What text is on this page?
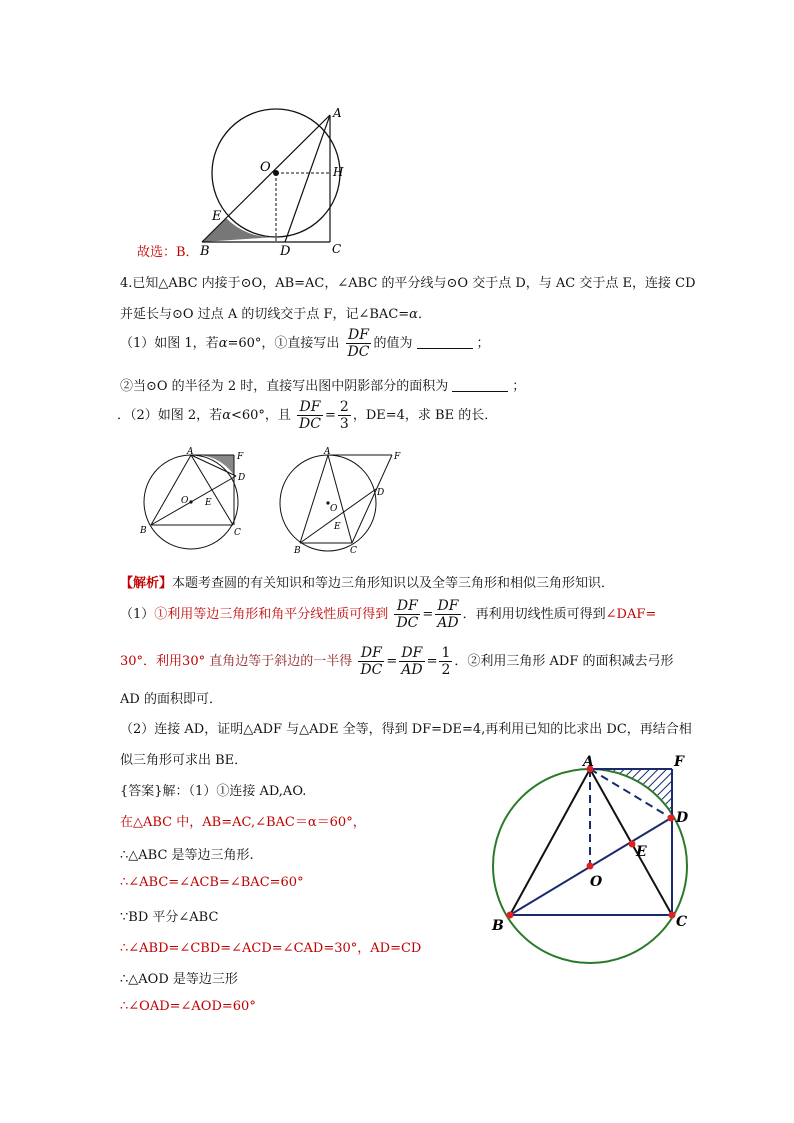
A
O	H
E
B	D	C
故选：B．
4.已知△ABC 内接于⊙O，AB=AC，∠ABC 的平分线与⊙O 交于点 D，与 AC 交于点 E，连接 CD
并延长与⊙O 过点 A 的切线交于点 F，记∠BAC=α．
（1）如图 1，若α=60°，①直接写出 $\frac{DF}{DC}$ 的值为	；
②当⊙O 的半径为 2 时，直接写出图中阴影部分的面积为	；
．（2）如图 2，若α<60°，且 $\frac{DF}{DC} = \frac{2}{3}$ ，DE=4，求 BE 的长．
A	F
D
O E
B	C
A	F
D
O
E
B	C
【解析】本题考查圆的有关知识和等边三角形知识以及全等三角形和相似三角形知识．
（1）①利用等边三角形和角平分线性质可得到 $\frac{DF}{DC} = \frac{DF}{AD}$ ．再利用切线性质可得到∠DAF=
30°．利用30° 直角边等于斜边的一半得 $\frac{DF}{DC} = \frac{DF}{AD} = \frac{1}{2}$ ．②利用三角形 ADF 的面积减去弓形
AD 的面积即可．
（2）连接 AD，证明△ADF 与△ADE 全等，得到 DF=DE=4,再利用已知的比求出 DC，再结合相
似三角形可求出 BE．
{答案}解：（1）①连接 AD,AO.
在△ABC 中，AB=AC,∠BAC＝α＝60°，
∴△ABC 是等边三角形.
∴∠ABC=∠ACB=∠BAC=60°
∵BD 平分∠ABC
∴∠ABD=∠CBD=∠ACD=∠CAD=30°，AD=CD
∴△AOD 是等边三形
∴∠OAD=∠AOD=60°
A	F
D
E
O
B	C
